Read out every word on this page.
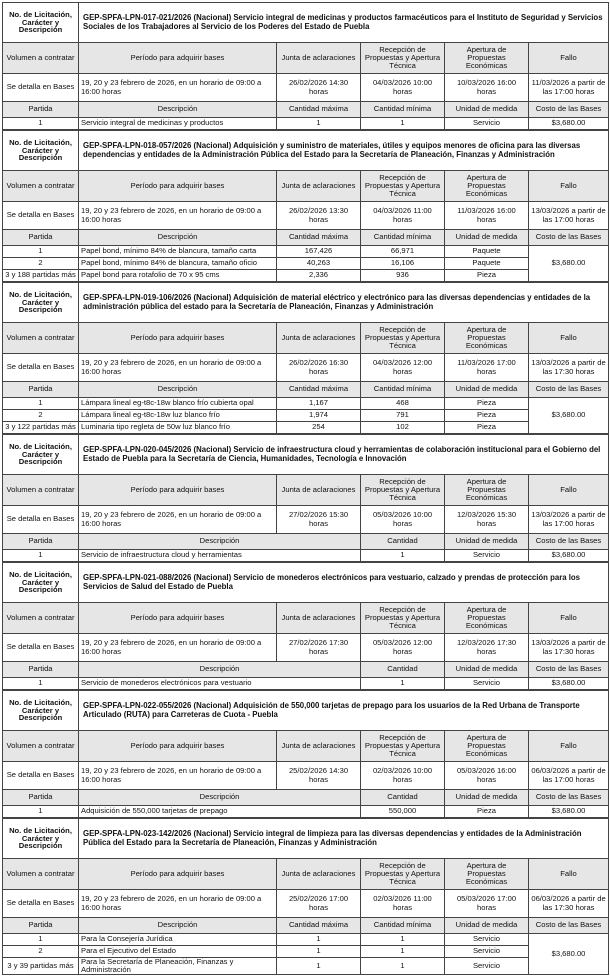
No. de Licitación, Carácter y Descripción	GEP-SPFA-LPN-017-021/2026 (Nacional) Servicio integral de medicinas y productos farmacéuticos para el Instituto de Seguridad y Servicios Sociales de los Trabajadores al Servicio de los Poderes del Estado de Puebla				
Volumen a contratar	Período para adquirir bases	Junta de aclaraciones	Recepción de Propuestas y Apertura Técnica	Apertura de Propuestas Económicas	Fallo
Se detalla en Bases	19, 20 y 23 febrero de 2026, en un horario de 09:00 a 16:00 horas	26/02/2026 14:30 horas	04/03/2026 10:00 horas	10/03/2026 16:00 horas	11/03/2026 a partir de las 17:00 horas
Partida	Descripción	Cantidad máxima	Cantidad mínima	Unidad de medida	Costo de las Bases
1	Servicio integral de medicinas y productos	1	1	Servicio	$3,680.00
No. de Licitación, Carácter y Descripción	GEP-SPFA-LPN-018-057/2026 (Nacional) Adquisición y suministro de materiales, útiles y equipos menores de oficina para las diversas dependencias y entidades de la Administración Pública del Estado para la Secretaría de Planeación, Finanzas y Administración				
Volumen a contratar	Período para adquirir bases	Junta de aclaraciones	Recepción de Propuestas y Apertura Técnica	Apertura de Propuestas Económicas	Fallo
Se detalla en Bases	19, 20 y 23 febrero de 2026, en un horario de 09:00 a 16:00 horas	26/02/2026 13:30 horas	04/03/2026 11:00 horas	11/03/2026 16:00 horas	13/03/2026 a partir de las 17:00 horas
Partida	Descripción	Cantidad máxima	Cantidad mínima	Unidad de medida	Costo de las Bases
1	Papel bond, mínimo 84% de blancura, tamaño carta	167,426	66,971	Paquete	$3,680.00
2	Papel bond, mínimo 84% de blancura, tamaño oficio	40,263	16,106	Paquete	
3 y 188 partidas más	Papel bond para rotafolio de 70 x 95 cms	2,336	936	Pieza	
No. de Licitación, Carácter y Descripción	GEP-SPFA-LPN-019-106/2026 (Nacional) Adquisición de material eléctrico y electrónico para las diversas dependencias y entidades de la administración pública del estado para la Secretaría de Planeación, Finanzas y Administración				
Volumen a contratar	Período para adquirir bases	Junta de aclaraciones	Recepción de Propuestas y Apertura Técnica	Apertura de Propuestas Económicas	Fallo
Se detalla en Bases	19, 20 y 23 febrero de 2026, en un horario de 09:00 a 16:00 horas	26/02/2026 16:30 horas	04/03/2026 12:00 horas	11/03/2026 17:00 horas	13/03/2026 a partir de las 17:30 horas
Partida	Descripción	Cantidad máxima	Cantidad mínima	Unidad de medida	Costo de las Bases
1	Lámpara lineal eg-t8c-18w blanco frío cubierta opal	1,167	468	Pieza	$3,680.00
2	Lámpara lineal eg-t8c-18w luz blanco frío	1,974	791	Pieza	
3 y 122 partidas más	Luminaria tipo regleta de 50w luz blanco frío	254	102	Pieza	
No. de Licitación, Carácter y Descripción	GEP-SPFA-LPN-020-045/2026 (Nacional) Servicio de infraestructura cloud y herramientas de colaboración institucional para el Gobierno del Estado de Puebla para la Secretaría de Ciencia, Humanidades, Tecnología e Innovación				
Volumen a contratar	Período para adquirir bases	Junta de aclaraciones	Recepción de Propuestas y Apertura Técnica	Apertura de Propuestas Económicas	Fallo
Se detalla en Bases	19, 20 y 23 febrero de 2026, en un horario de 09:00 a 16:00 horas	27/02/2026 15:30 horas	05/03/2026 10:00 horas	12/03/2026 15:30 horas	13/03/2026 a partir de las 17:00 horas
Partida	Descripción		Cantidad	Unidad de medida	Costo de las Bases
1	Servicio de infraestructura cloud y herramientas		1	Servicio	$3,680.00
No. de Licitación, Carácter y Descripción	GEP-SPFA-LPN-021-088/2026 (Nacional) Servicio de monederos electrónicos para vestuario, calzado y prendas de protección para los Servicios de Salud del Estado de Puebla				
Volumen a contratar	Período para adquirir bases	Junta de aclaraciones	Recepción de Propuestas y Apertura Técnica	Apertura de Propuestas Económicas	Fallo
Se detalla en Bases	19, 20 y 23 febrero de 2026, en un horario de 09:00 a 16:00 horas	27/02/2026 17:30 horas	05/03/2026 12:00 horas	12/03/2026 17:30 horas	13/03/2026 a partir de las 17:30 horas
Partida	Descripción		Cantidad	Unidad de medida	Costo de las Bases
1	Servicio de monederos electrónicos para vestuario		1	Servicio	$3,680.00
No. de Licitación, Carácter y Descripción	GEP-SPFA-LPN-022-055/2026 (Nacional) Adquisición de 550,000 tarjetas de prepago para los usuarios de la Red Urbana de Transporte Articulado (RUTA) para Carreteras de Cuota - Puebla				
Volumen a contratar	Período para adquirir bases	Junta de aclaraciones	Recepción de Propuestas y Apertura Técnica	Apertura de Propuestas Económicas	Fallo
Se detalla en Bases	19, 20 y 23 febrero de 2026, en un horario de 09:00 a 16:00 horas	25/02/2026 14:30 horas	02/03/2026 10:00 horas	05/03/2026 16:00 horas	06/03/2026 a partir de las 17:00 horas
Partida	Descripción		Cantidad	Unidad de medida	Costo de las Bases
1	Adquisición de 550,000 tarjetas de prepago		550,000	Pieza	$3,680.00
No. de Licitación, Carácter y Descripción	GEP-SPFA-LPN-023-142/2026 (Nacional) Servicio integral de limpieza para las diversas dependencias y entidades de la Administración Pública del Estado para la Secretaría de Planeación, Finanzas y Administración				
Volumen a contratar	Período para adquirir bases	Junta de aclaraciones	Recepción de Propuestas y Apertura Técnica	Apertura de Propuestas Económicas	Fallo
Se detalla en Bases	19, 20 y 23 febrero de 2026, en un horario de 09:00 a 16:00 horas	25/02/2026 17:00 horas	02/03/2026 11:00 horas	05/03/2026 17:00 horas	06/03/2026 a partir de las 17:30 horas
Partida	Descripción	Cantidad máxima	Cantidad mínima	Unidad de medida	Costo de las Bases
1	Para la Consejería Jurídica	1	1	Servicio	$3,680.00
2	Para el Ejecutivo del Estado	1	1	Servicio	
3 y 39 partidas más	Para la Secretaría de Planeación, Finanzas y Administración	1	1	Servicio	
